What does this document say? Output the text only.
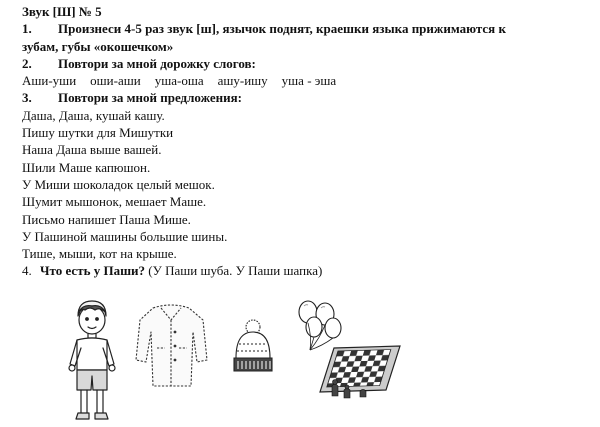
Звук [Ш] № 5
1. Произнеси 4-5 раз звук [ш], язычок поднят, краешки языка прижимаются к
зубам, губы «окошечком»
2. Повтори за мной дорожку слогов:
Аши-уши оши-аши уша-оша ашу-ишу уша - эша
3. Повтори за мной предложения:
Даша, Даша, кушай кашу.
Пишу шутки для Мишутки
Наша Даша выше вашей.
Шили Маше капюшон.
У Миши шоколадок целый мешок.
Шумит мышонок, мешает Маше.
Письмо напишет Паша Мише.
У Пашиной машины большие шины.
Тише, мыши, кот на крыше.
4. Что есть у Паши? (У Паши шуба. У Паши шапка)
